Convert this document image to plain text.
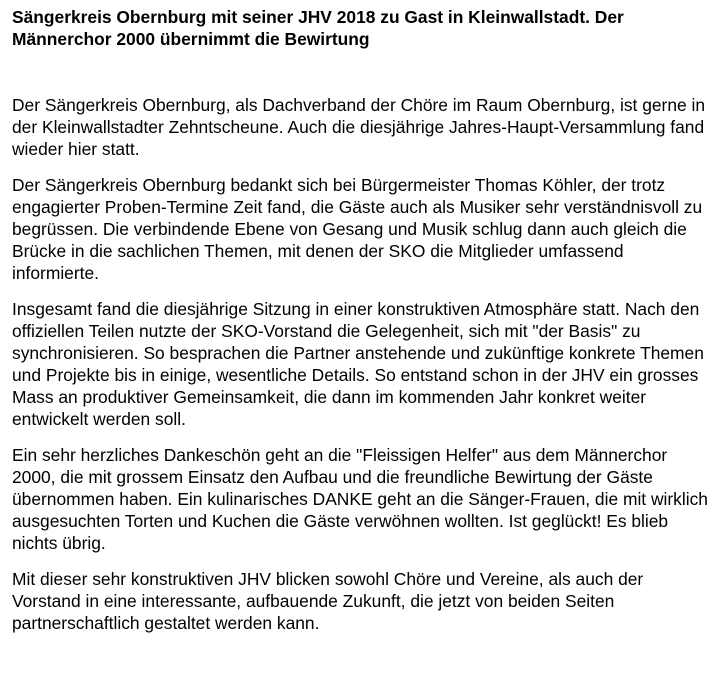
Sängerkreis Obernburg mit seiner JHV 2018 zu Gast in Kleinwallstadt. Der Männerchor 2000 übernimmt die Bewirtung

Der Sängerkreis Obernburg, als Dachverband der Chöre im Raum Obernburg, ist gerne in der Kleinwallstadter Zehntscheune. Auch die diesjährige Jahres-Haupt-Versammlung fand wieder hier statt.

Der Sängerkreis Obernburg bedankt sich bei Bürgermeister Thomas Köhler, der trotz engagierter Proben-Termine Zeit fand, die Gäste auch als Musiker sehr verständnisvoll zu begrüssen. Die verbindende Ebene von Gesang und Musik schlug dann auch gleich die Brücke in die sachlichen Themen, mit denen der SKO die Mitglieder umfassend informierte.

Insgesamt fand die diesjährige Sitzung in einer konstruktiven Atmosphäre statt. Nach den offiziellen Teilen nutzte der SKO-Vorstand die Gelegenheit, sich mit "der Basis" zu synchronisieren. So besprachen die Partner anstehende und zukünftige konkrete Themen und Projekte bis in einige, wesentliche Details. So entstand schon in der JHV ein grosses Mass an produktiver Gemeinsamkeit, die dann im kommenden Jahr konkret weiter entwickelt werden soll.

Ein sehr herzliches Dankeschön geht an die "Fleissigen Helfer" aus dem Männerchor 2000, die mit grossem Einsatz den Aufbau und die freundliche Bewirtung der Gäste übernommen haben. Ein kulinarisches DANKE geht an die Sänger-Frauen, die mit wirklich ausgesuchten Torten und Kuchen die Gäste verwöhnen wollten. Ist geglückt! Es blieb nichts übrig.

Mit dieser sehr konstruktiven JHV blicken sowohl Chöre und Vereine, als auch der Vorstand in eine interessante, aufbauende Zukunft, die jetzt von beiden Seiten partnerschaftlich gestaltet werden kann.
